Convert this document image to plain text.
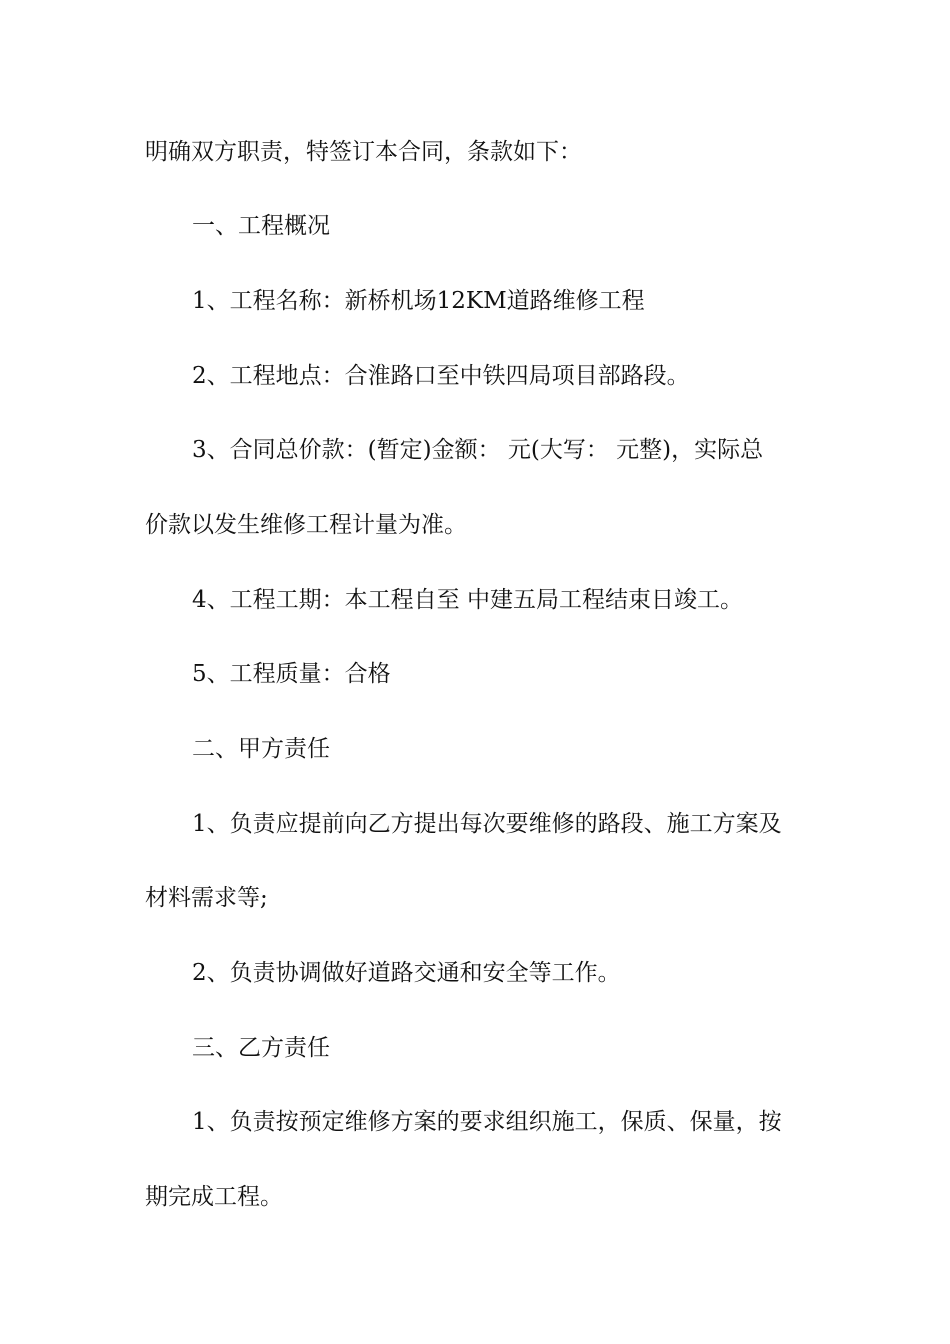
明确双方职责，特签订本合同，条款如下：
一、工程概况
1、工程名称：新桥机场12KM道路维修工程
2、工程地点：合淮路口至中铁四局项目部路段。
3、合同总价款：(暂定)金额： 元(大写： 元整)，实际总
价款以发生维修工程计量为准。
4、工程工期：本工程自至 中建五局工程结束日竣工。
5、工程质量：合格
二、甲方责任
1、负责应提前向乙方提出每次要维修的路段、施工方案及
材料需求等;
2、负责协调做好道路交通和安全等工作。
三、乙方责任
1、负责按预定维修方案的要求组织施工，保质、保量，按
期完成工程。
